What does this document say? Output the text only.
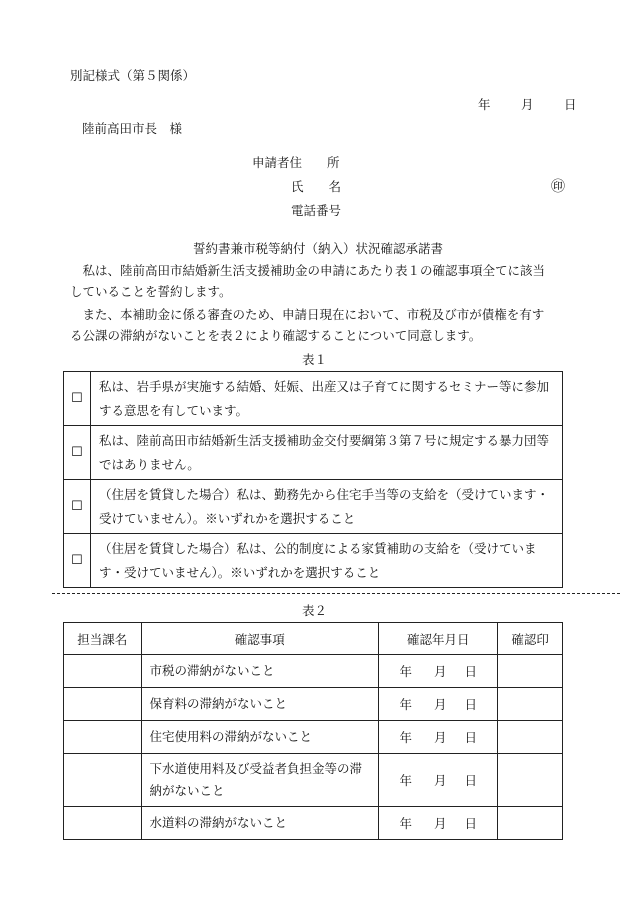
別記様式（第５関係）
年 月 日
陸前高田市長　様
申請者住　　所
氏　　名	㊞
電話番号
誓約書兼市税等納付（納入）状況確認承諾書

　私は、陸前高田市結婚新生活支援補助金の申請にあたり表１の確認事項全てに該当

していることを誓約します。

　また、本補助金に係る審査のため、申請日現在において、市税及び市が債権を有す

る公課の滞納がないことを表２により確認することについて同意します。

表１
☐	私は、岩手県が実施する結婚、妊娠、出産又は子育てに関するセミナー等に参加する意思を有しています。
☐	私は、陸前高田市結婚新生活支援補助金交付要綱第３第７号に規定する暴力団等ではありません。
☐	（住居を賃貸した場合）私は、勤務先から住宅手当等の支給を（受けています・受けていません）。※いずれかを選択すること
☐	（住居を賃貸した場合）私は、公的制度による家賃補助の支給を（受けています・受けていません）。※いずれかを選択すること
表２
担当課名	確認事項	確認年月日	確認印
	市税の滞納がないこと	年 月 日	
	保育料の滞納がないこと	年 月 日	
	住宅使用料の滞納がないこと	年 月 日	
	下水道使用料及び受益者負担金等の滞納がないこと	年 月 日	
	水道料の滞納がないこと	年 月 日	
